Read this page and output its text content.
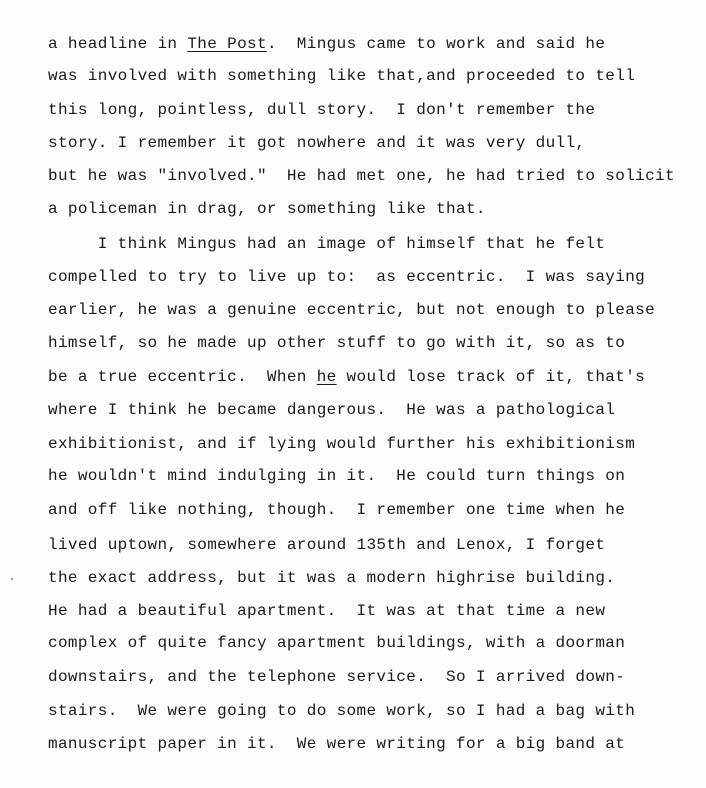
a headline in The Post.  Mingus came to work and said he
was involved with something like that,and proceeded to tell
this long, pointless, dull story.  I don't remember the
story. I remember it got nowhere and it was very dull,
but he was "involved."  He had met one, he had tried to solicit
a policeman in drag, or something like that.
I think Mingus had an image of himself that he felt
compelled to try to live up to:  as eccentric.  I was saying
earlier, he was a genuine eccentric, but not enough to please
himself, so he made up other stuff to go with it, so as to
be a true eccentric.  When he would lose track of it, that's
where I think he became dangerous.  He was a pathological
exhibitionist, and if lying would further his exhibitionism
he wouldn't mind indulging in it.  He could turn things on
and off like nothing, though.  I remember one time when he
lived uptown, somewhere around 135th and Lenox, I forget
the exact address, but it was a modern highrise building.
He had a beautiful apartment.  It was at that time a new
complex of quite fancy apartment buildings, with a doorman
downstairs, and the telephone service.  So I arrived down-
stairs.  We were going to do some work, so I had a bag with
manuscript paper in it.  We were writing for a big band at
